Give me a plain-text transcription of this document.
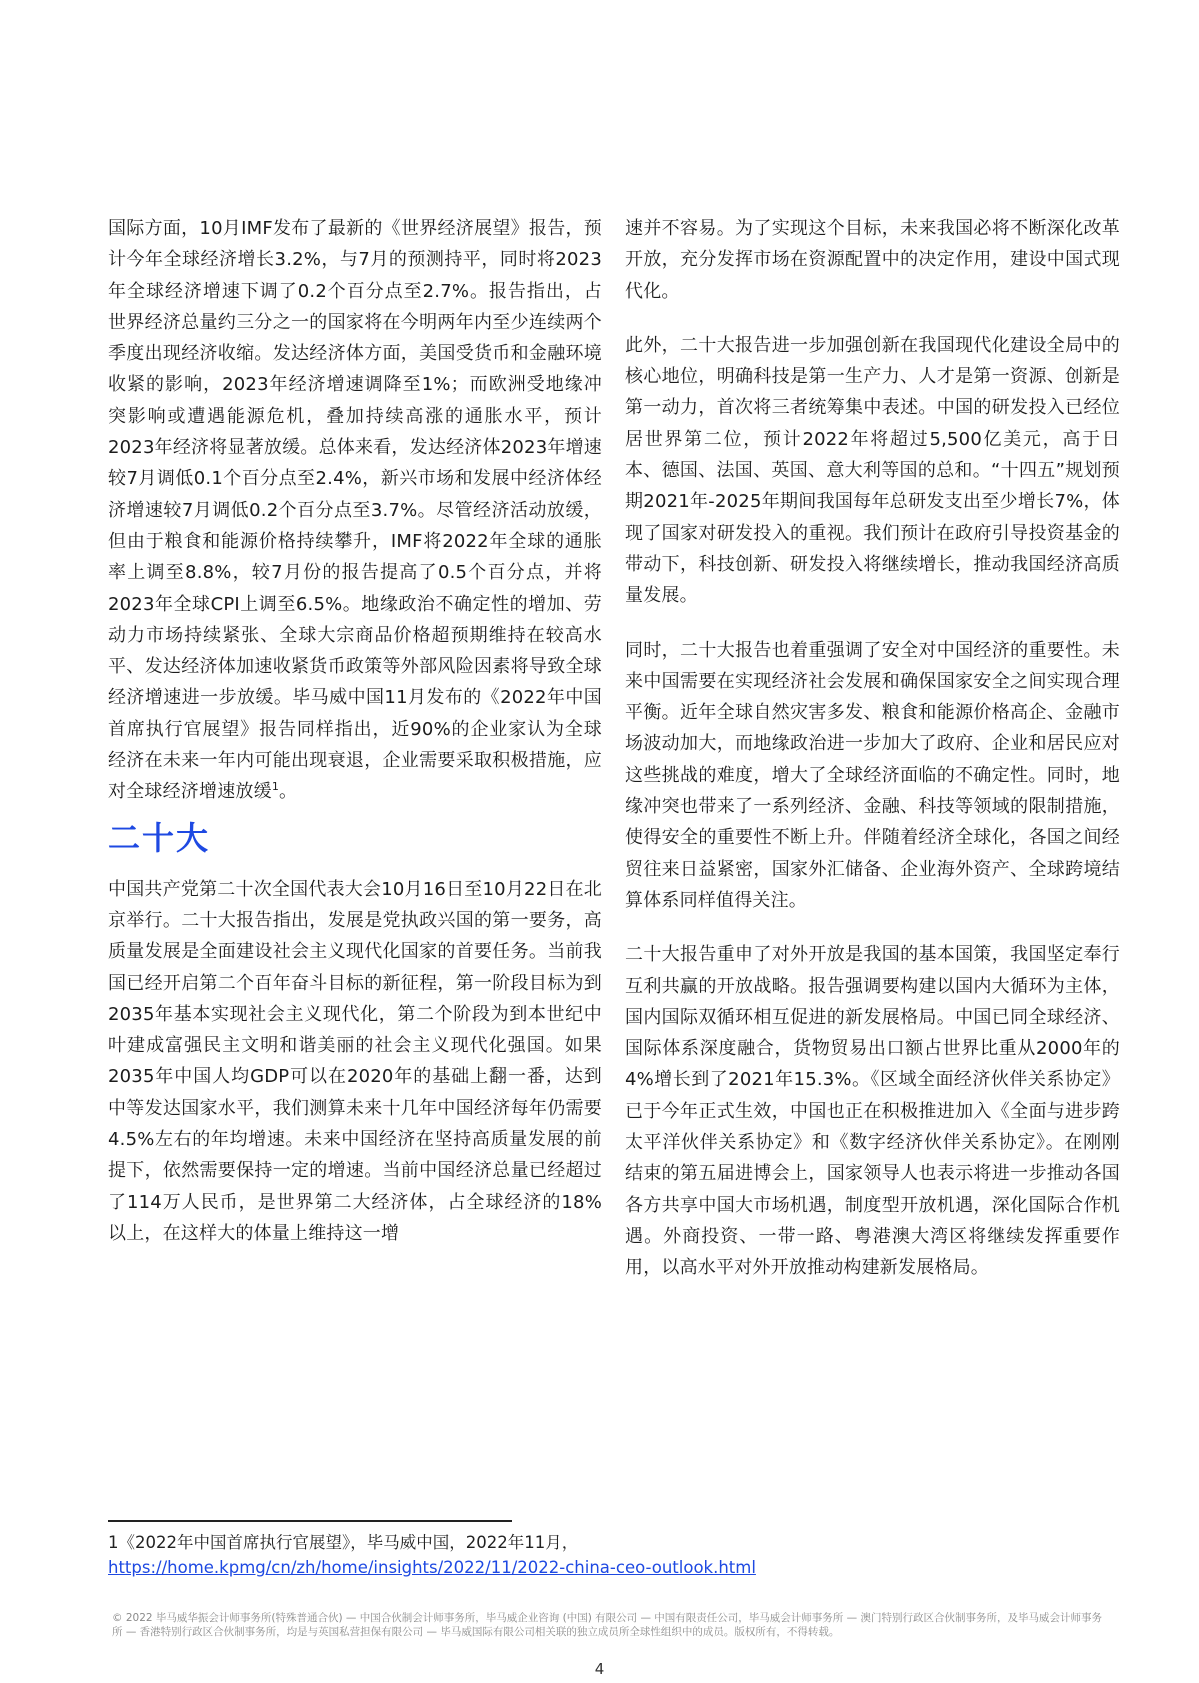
国际方面，10月IMF发布了最新的《世界经济展望》报告，预计今年全球经济增长3.2%，与7月的预测持平，同时将2023年全球经济增速下调了0.2个百分点至2.7%。报告指出，占世界经济总量约三分之一的国家将在今明两年内至少连续两个季度出现经济收缩。发达经济体方面，美国受货币和金融环境收紧的影响，2023年经济增速调降至1%；而欧洲受地缘冲突影响或遭遇能源危机，叠加持续高涨的通胀水平，预计2023年经济将显著放缓。总体来看，发达经济体2023年增速较7月调低0.1个百分点至2.4%，新兴市场和发展中经济体经济增速较7月调低0.2个百分点至3.7%。尽管经济活动放缓，但由于粮食和能源价格持续攀升，IMF将2022年全球的通胀率上调至8.8%，较7月份的报告提高了0.5个百分点，并将2023年全球CPI上调至6.5%。地缘政治不确定性的增加、劳动力市场持续紧张、全球大宗商品价格超预期维持在较高水平、发达经济体加速收紧货币政策等外部风险因素将导致全球经济增速进一步放缓。毕马威中国11月发布的《2022年中国首席执行官展望》报告同样指出，近90%的企业家认为全球经济在未来一年内可能出现衰退，企业需要采取积极措施，应对全球经济增速放缓$^1$。

二十大

中国共产党第二十次全国代表大会10月16日至10月22日在北京举行。二十大报告指出，发展是党执政兴国的第一要务，高质量发展是全面建设社会主义现代化国家的首要任务。当前我国已经开启第二个百年奋斗目标的新征程，第一阶段目标为到2035年基本实现社会主义现代化，第二个阶段为到本世纪中叶建成富强民主文明和谐美丽的社会主义现代化强国。如果2035年中国人均GDP可以在2020年的基础上翻一番，达到中等发达国家水平，我们测算未来十几年中国经济每年仍需要4.5%左右的年均增速。未来中国经济在坚持高质量发展的前提下，依然需要保持一定的增速。当前中国经济总量已经超过了114万人民币，是世界第二大经济体，占全球经济的18%以上，在这样大的体量上维持这一增

速并不容易。为了实现这个目标，未来我国必将不断深化改革开放，充分发挥市场在资源配置中的决定作用，建设中国式现代化。

此外，二十大报告进一步加强创新在我国现代化建设全局中的核心地位，明确科技是第一生产力、人才是第一资源、创新是第一动力，首次将三者统筹集中表述。中国的研发投入已经位居世界第二位，预计2022年将超过5,500亿美元，高于日本、德国、法国、英国、意大利等国的总和。“十四五”规划预期2021年-2025年期间我国每年总研发支出至少增长7%，体现了国家对研发投入的重视。我们预计在政府引导投资基金的带动下，科技创新、研发投入将继续增长，推动我国经济高质量发展。

同时，二十大报告也着重强调了安全对中国经济的重要性。未来中国需要在实现经济社会发展和确保国家安全之间实现合理平衡。近年全球自然灾害多发、粮食和能源价格高企、金融市场波动加大，而地缘政治进一步加大了政府、企业和居民应对这些挑战的难度，增大了全球经济面临的不确定性。同时，地缘冲突也带来了一系列经济、金融、科技等领域的限制措施，使得安全的重要性不断上升。伴随着经济全球化，各国之间经贸往来日益紧密，国家外汇储备、企业海外资产、全球跨境结算体系同样值得关注。

二十大报告重申了对外开放是我国的基本国策，我国坚定奉行互利共赢的开放战略。报告强调要构建以国内大循环为主体，国内国际双循环相互促进的新发展格局。中国已同全球经济、国际体系深度融合，货物贸易出口额占世界比重从2000年的4%增长到了2021年15.3%。《区域全面经济伙伴关系协定》已于今年正式生效，中国也正在积极推进加入《全面与进步跨太平洋伙伴关系协定》和《数字经济伙伴关系协定》。在刚刚结束的第五届进博会上，国家领导人也表示将进一步推动各国各方共享中国大市场机遇，制度型开放机遇，深化国际合作机遇。外商投资、一带一路、粤港澳大湾区将继续发挥重要作用，以高水平对外开放推动构建新发展格局。

1《2022年中国首席执行官展望》，毕马威中国，2022年11月，
https://home.kpmg/cn/zh/home/insights/2022/11/2022-china-ceo-outlook.html
© 2022 毕马威华振会计师事务所(特殊普通合伙) — 中国合伙制会计师事务所，毕马威企业咨询 (中国) 有限公司 — 中国有限责任公司，毕马威会计师事务所 — 澳门特别行政区合伙制事务所，及毕马威会计师事务所 — 香港特别行政区合伙制事务所，均是与英国私营担保有限公司 — 毕马威国际有限公司相关联的独立成员所全球性组织中的成员。版权所有，不得转载。
4
